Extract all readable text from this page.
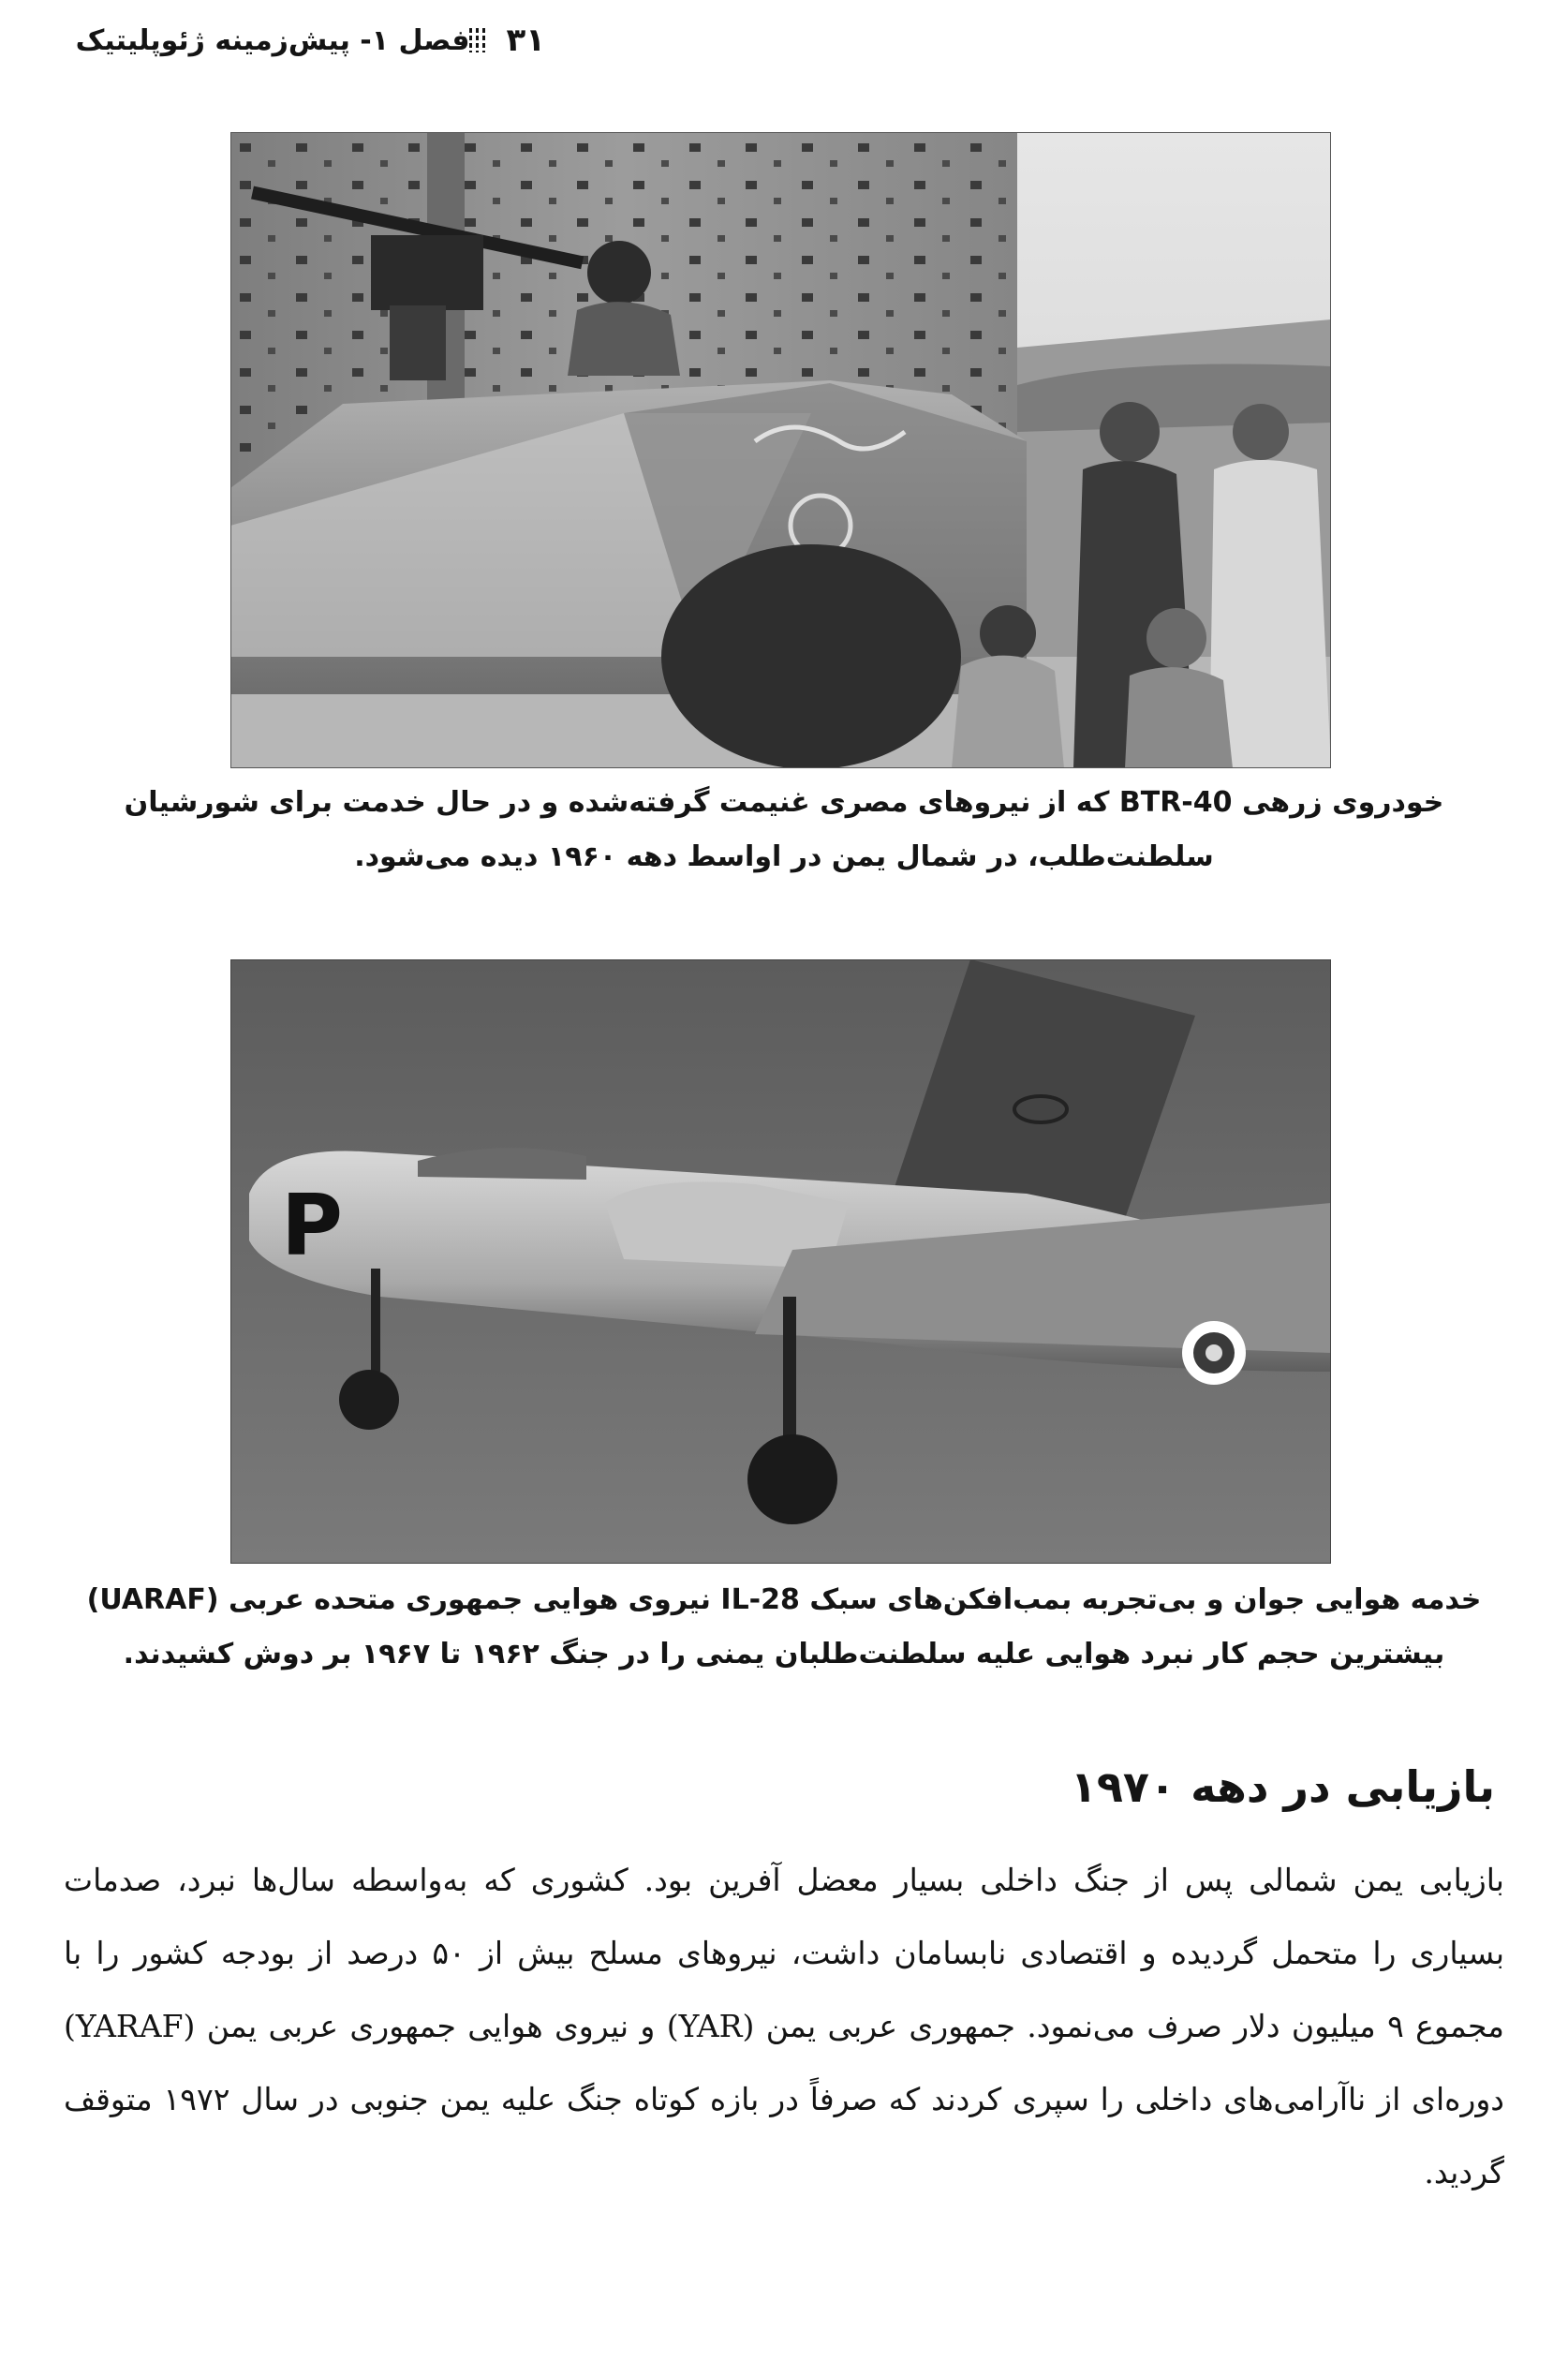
۳۱
فصل ۱- پیش‌زمینه ژئوپلیتیک
خودروی زرهی BTR-40 که از نیروهای مصری غنیمت گرفته‌شده و در حال خدمت برای شورشیان سلطنت‌طلب، در شمال یمن در اواسط دهه ۱۹۶۰ دیده می‌شود.
P
خدمه هوایی جوان و بی‌تجربه بمب‌افکن‌های سبک IL-28 نیروی هوایی جمهوری متحده عربی (UARAF) بیشترین حجم کار نبرد هوایی علیه سلطنت‌طلبان یمنی را در جنگ ۱۹۶۲ تا ۱۹۶۷ بر دوش کشیدند.
بازیابی در دهه ۱۹۷۰

بازیابی یمن شمالی پس از جنگ داخلی بسیار معضل آفرین بود. کشوری که به‌واسطه سال‌ها نبرد، صدمات بسیاری را متحمل گردیده و اقتصادی نابسامان داشت، نیروهای مسلح بیش از ۵۰ درصد از بودجه کشور را با مجموع ۹ میلیون دلار صرف می‌نمود. جمهوری عربی یمن (YAR) و نیروی هوایی جمهوری عربی یمن (YARAF) دوره‌ای از ناآرامی‌های داخلی را سپری کردند که صرفاً در بازه کوتاه جنگ علیه یمن جنوبی در سال ۱۹۷۲ متوقف گردید.
